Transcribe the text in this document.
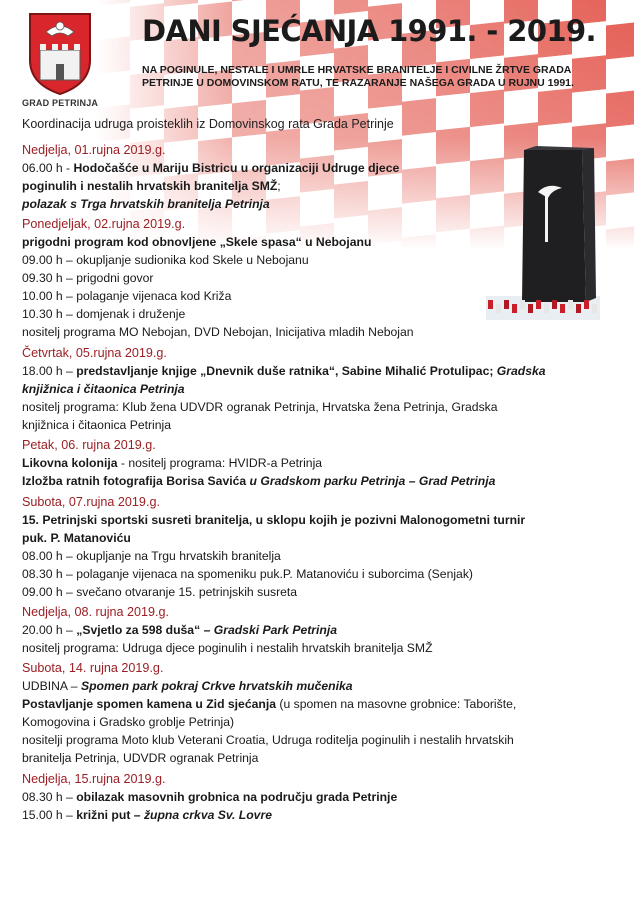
GRAD PETRINJA
DANI SJEĆANJA 1991. - 2019.

NA POGINULE, NESTALE I UMRLE HRVATSKE BRANITELJE I CIVILNE ŽRTVE GRADA PETRINJE U DOMOVINSKOM RATU, TE RAZARANJE NAŠEGA GRADA U RUJNU 1991.

Koordinacija udruga proisteklih iz Domovinskog rata Grada Petrinje
Nedjelja, 01.rujna 2019.g.
06.00 h - Hodočašće u Mariju Bistricu u organizaciji Udruge djece
poginulih i nestalih hrvatskih branitelja SMŽ;
polazak s Trga hrvatskih branitelja Petrinja
Ponedjeljak, 02.rujna 2019.g.
prigodni program kod obnovljene „Skele spasa“ u Nebojanu
09.00 h – okupljanje sudionika kod Skele u Nebojanu
09.30 h – prigodni govor
10.00 h – polaganje vijenaca kod Križa
10.30 h – domjenak i druženje
nositelj programa MO Nebojan, DVD Nebojan, Inicijativa mladih Nebojan
Četvrtak, 05.rujna 2019.g.
18.00 h – predstavljanje knjige „Dnevnik duše ratnika“, Sabine Mihalić Protulipac; Gradska
knjižnica i čitaonica Petrinja
nositelj programa: Klub žena UDVDR ogranak Petrinja, Hrvatska žena Petrinja, Gradska
knjižnica i čitaonica Petrinja
Petak, 06. rujna 2019.g.
Likovna kolonija - nositelj programa: HVIDR-a Petrinja
Izložba ratnih fotografija Borisa Savića u Gradskom parku Petrinja – Grad Petrinja
Subota, 07.rujna 2019.g.
15. Petrinjski sportski susreti branitelja, u sklopu kojih je pozivni Malonogometni turnir
puk. P. Matanoviću
08.00 h – okupljanje na Trgu hrvatskih branitelja
08.30 h – polaganje vijenaca na spomeniku puk.P. Matanoviću i suborcima (Senjak)
09.00 h – svečano otvaranje 15. petrinjskih susreta
Nedjelja, 08. rujna 2019.g.
20.00 h – „Svjetlo za 598 duša“ – Gradski Park Petrinja
nositelj programa: Udruga djece poginulih i nestalih hrvatskih branitelja SMŽ
Subota, 14. rujna 2019.g.
UDBINA – Spomen park pokraj Crkve hrvatskih mučenika
Postavljanje spomen kamena u Zid sjećanja (u spomen na masovne grobnice: Taborište,
Komogovina i Gradsko groblje Petrinja)
nositelji programa Moto klub Veterani Croatia, Udruga roditelja poginulih i nestalih hrvatskih
branitelja Petrinja, UDVDR ogranak Petrinja
Nedjelja, 15.rujna 2019.g.
08.30 h – obilazak masovnih grobnica na području grada Petrinje
15.00 h – križni put – župna crkva Sv. Lovre
